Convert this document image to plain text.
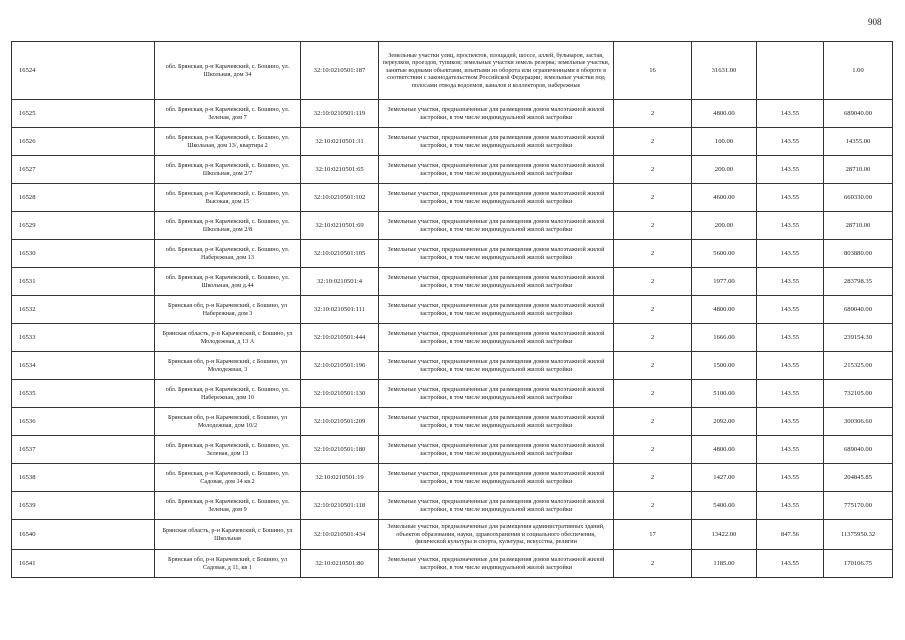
908
16524	обл. Брянская, р-н Карачевский, с. Бошино, ул. Школьная, дом 34	32:10:0210501:187	Земельные участки улиц, проспектов, площадей, шоссе, аллей, бульваров, застав, переулков, проездов, тупиков; земельные участки земель резерва; земельные участки, занятые водными объектами, изъятыми из оборота или ограниченными в обороте в соответствии с законодательством Российской Федерации; земельные участки под полосами отвода водоемов, каналов и коллекторов, набережные	16	31631.00		1.00
16525	обл. Брянская, р-н Карачевский, с. Бошино, ул. Зеленая, дом 7	32:10:0210501:119	Земельные участки, предназначенные для размещения домов малоэтажной жилой застройки, в том числе индивидуальной жилой застройки	2	4800.00	143.55	689040.00
16526	обл. Брянская, р-н Карачевский, с. Бошино, ул. Школьная, дом 13/, квартира 2	32:10:0210501:31	Земельные участки, предназначенные для размещения домов малоэтажной жилой застройки, в том числе индивидуальной жилой застройки	2	100.00	143.55	14355.00
16527	обл. Брянская, р-н Карачевский, с. Бошино, ул. Школьная, дом 2/7	32:10:0210501:65	Земельные участки, предназначенные для размещения домов малоэтажной жилой застройки, в том числе индивидуальной жилой застройки	2	200.00	143.55	28710.00
16528	обл. Брянская, р-н Карачевский, с. Бошино, ул. Высокая, дом 15	32:10:0210501:102	Земельные участки, предназначенные для размещения домов малоэтажной жилой застройки, в том числе индивидуальной жилой застройки	2	4600.00	143.55	660330.00
16529	обл. Брянская, р-н Карачевский, с. Бошино, ул. Школьная, дом 2/8	32:10:0210501:69	Земельные участки, предназначенные для размещения домов малоэтажной жилой застройки, в том числе индивидуальной жилой застройки	2	200.00	143.55	28710.00
16530	обл. Брянская, р-н Карачевский, с. Бошино, ул. Набережная, дом 13	32:10:0210501:105	Земельные участки, предназначенные для размещения домов малоэтажной жилой застройки, в том числе индивидуальной жилой застройки	2	5600.00	143.55	803880.00
16531	обл. Брянская, р-н Карачевский, с. Бошино, ул. Школьная, дом д.44	32:10:0210501:4	Земельные участки, предназначенные для размещения домов малоэтажной жилой застройки, в том числе индивидуальной жилой застройки	2	1977.00	143.55	283798.35
16532	Брянская обл, р-н Карачевский, с Бошино, ул Набережная, дом 3	32:10:0210501:111	Земельные участки, предназначенные для размещения домов малоэтажной жилой застройки, в том числе индивидуальной жилой застройки	2	4800.00	143.55	689040.00
16533	Брянская область, р-н Карачевский, с Бошино, ул Молодежная, д 13 А	32:10:0210501:444	Земельные участки, предназначенные для размещения домов малоэтажной жилой застройки, в том числе индивидуальной жилой застройки	2	1666.00	143.55	239154.30
16534	Брянская обл, р-н Карачевский, с Бошино, ул Молодежная, 3	32:10:0210501:196	Земельные участки, предназначенные для размещения домов малоэтажной жилой застройки, в том числе индивидуальной жилой застройки	2	1500.00	143.55	215325.00
16535	обл. Брянская, р-н Карачевский, с. Бошино, ул. Набережная, дом 10	32:10:0210501:130	Земельные участки, предназначенные для размещения домов малоэтажной жилой застройки, в том числе индивидуальной жилой застройки	2	5100.00	143.55	732105.00
16536	Брянская обл, р-н Карачевский, с Бошино, ул Молодежная, дом 10/2	32:10:0210501:209	Земельные участки, предназначенные для размещения домов малоэтажной жилой застройки, в том числе индивидуальной жилой застройки	2	2092.00	143.55	300306.60
16537	обл. Брянская, р-н Карачевский, с. Бошино, ул. Зеленая, дом 13	32:10:0210501:180	Земельные участки, предназначенные для размещения домов малоэтажной жилой застройки, в том числе индивидуальной жилой застройки	2	4800.00	143.55	689040.00
16538	обл. Брянская, р-н Карачевский, с. Бошино, ул. Садовая, дом 14 кв.2	32:10:0210501:19	Земельные участки, предназначенные для размещения домов малоэтажной жилой застройки, в том числе индивидуальной жилой застройки	2	1427.00	143.55	204845.85
16539	обл. Брянская, р-н Карачевский, с. Бошино, ул. Зеленая, дом 9	32:10:0210501:118	Земельные участки, предназначенные для размещения домов малоэтажной жилой застройки, в том числе индивидуальной жилой застройки	2	5400.00	143.55	775170.00
16540	Брянская область, р-н Карачевский, с Бошино, ул Школьная	32:10:0210501:434	Земельные участки, предназначенные для размещения административных зданий, объектов образования, науки, здравоохранения и социального обеспечения, физической культуры и спорта, культуры, искусства, религии	17	13422.00	847.56	11375950.32
16541	Брянская обл, р-н Карачевский, с Бошино, ул Садовая, д 11, кв 1	32:10:0210501:80	Земельные участки, предназначенные для размещения домов малоэтажной жилой застройки, в том числе индивидуальной жилой застройки	2	1185.00	143.55	170106.75
